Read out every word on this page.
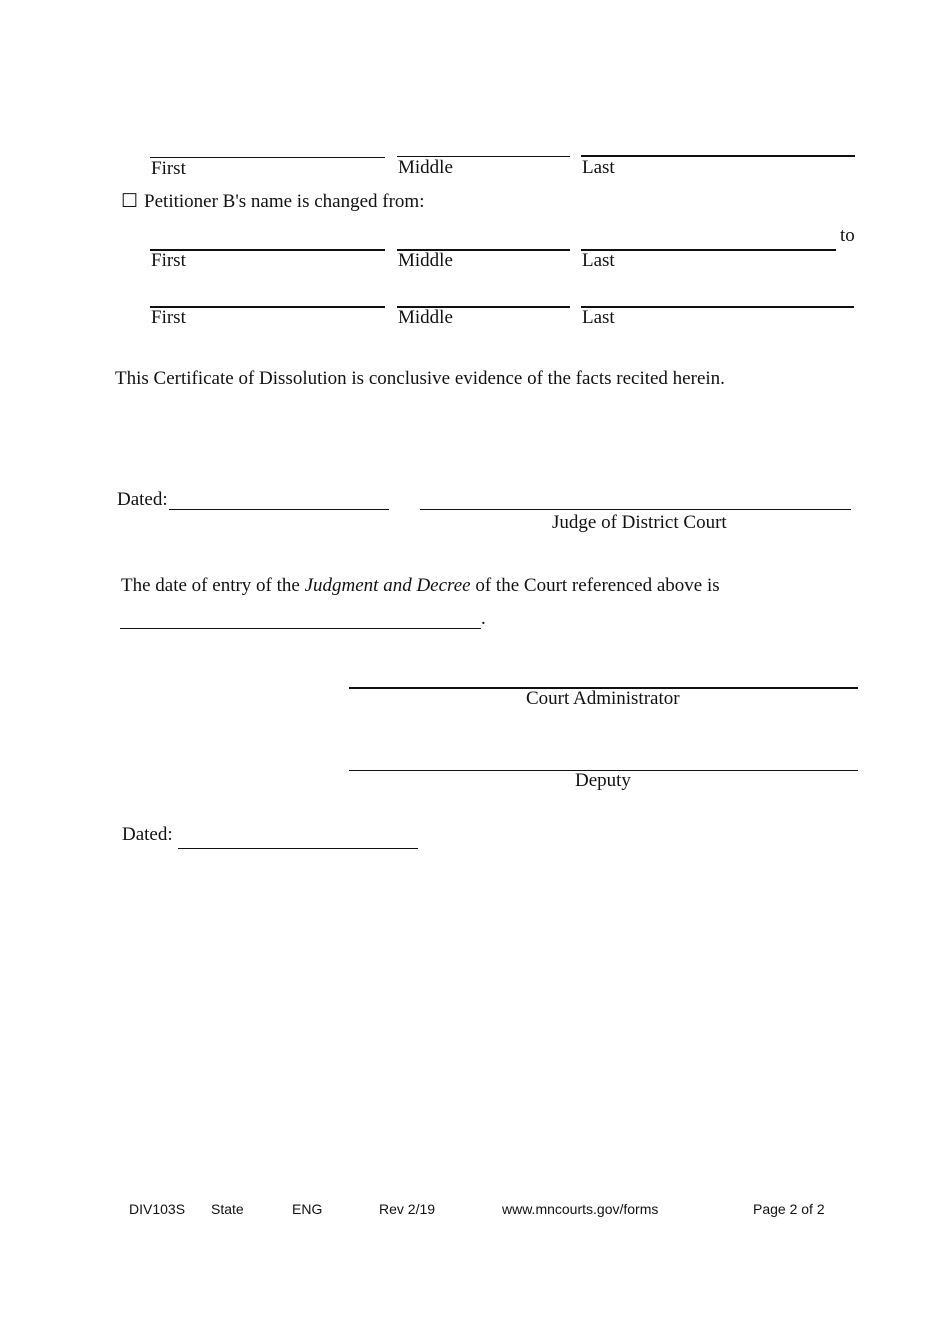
First	Middle	Last
☐ Petitioner B's name is changed from:
to
First	Middle	Last
First	Middle	Last
This Certificate of Dissolution is conclusive evidence of the facts recited herein.
Dated:
Judge of District Court
The date of entry of the Judgment and Decree of the Court referenced above is
.
Court Administrator
Deputy
Dated:
DIV103S State	ENG	Rev 2/19	www.mncourts.gov/forms	Page 2 of 2
